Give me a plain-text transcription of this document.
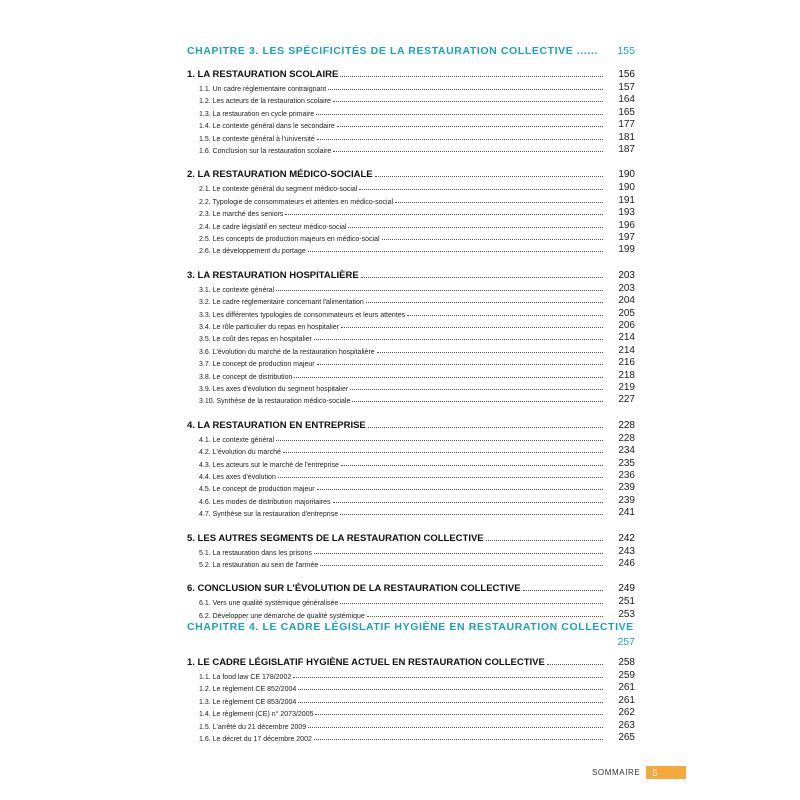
CHAPITRE 3. LES SPÉCIFICITÉS DE LA RESTAURATION COLLECTIVE ...... 155
1. LA RESTAURATION SCOLAIRE	156
1.1. Un cadre réglementaire contraignant	157
1.2. Les acteurs de la restauration scolaire	164
1.3. La restauration en cycle primaire	165
1.4. Le contexte général dans le secondaire	177
1.5. Le contexte général à l'université	181
1.6. Conclusion sur la restauration scolaire	187
2. LA RESTAURATION MÉDICO-SOCIALE	190
2.1. Le contexte général du segment médico-social	190
2.2. Typologie de consommateurs et attentes en médico-social	191
2.3. Le marché des seniors	193
2.4. Le cadre législatif en secteur médico-social	196
2.5. Les concepts de production majeurs en médico-social	197
2.6. Le développement du portage	199
3. LA RESTAURATION HOSPITALIÈRE	203
3.1. Le contexte général	203
3.2. Le cadre réglementaire concernant l'alimentation	204
3.3. Les différentes typologies de consommateurs et leurs attentes	205
3.4. Le rôle particulier du repas en hospitalier	206
3.5. Le coût des repas en hospitalier	214
3.6. L'évolution du marché de la restauration hospitalière	214
3.7. Le concept de production majeur	216
3.8. Le concept de distribution	218
3.9. Les axes d'évolution du segment hospitalier	219
3.10. Synthèse de la restauration médico-sociale	227
4. LA RESTAURATION EN ENTREPRISE	228
4.1. Le contexte général	228
4.2. L'évolution du marché	234
4.3. Les acteurs sur le marché de l'entreprise	235
4.4. Les axes d'évolution	236
4.5. Le concept de production majeur	239
4.6. Les modes de distribution majoritaires	239
4.7. Synthèse sur la restauration d'entreprise	241
5. LES AUTRES SEGMENTS DE LA RESTAURATION COLLECTIVE	242
5.1. La restauration dans les prisons	243
5.2. La restauration au sein de l'armée	246
6. CONCLUSION SUR L'ÉVOLUTION DE LA RESTAURATION COLLECTIVE	249
6.1. Vers une qualité systémique généralisée	251
6.2. Développer une démarche de qualité systémique	253
CHAPITRE 4. LE CADRE LÉGISLATIF HYGIÈNE EN RESTAURATION COLLECTIVE
257
1. LE CADRE LÉGISLATIF HYGIÈNE ACTUEL EN RESTAURATION COLLECTIVE	258
1.1. La food law CE 178/2002	259
1.2. Le règlement CE 852/2004	261
1.3. Le règlement CE 853/2004	261
1.4. Le règlement (CE) n° 2073/2005	262
1.5. L'arrêté du 21 décembre 2009	263
1.6. Le décret du 17 décembre 2002	265
SOMMAIRE	5
